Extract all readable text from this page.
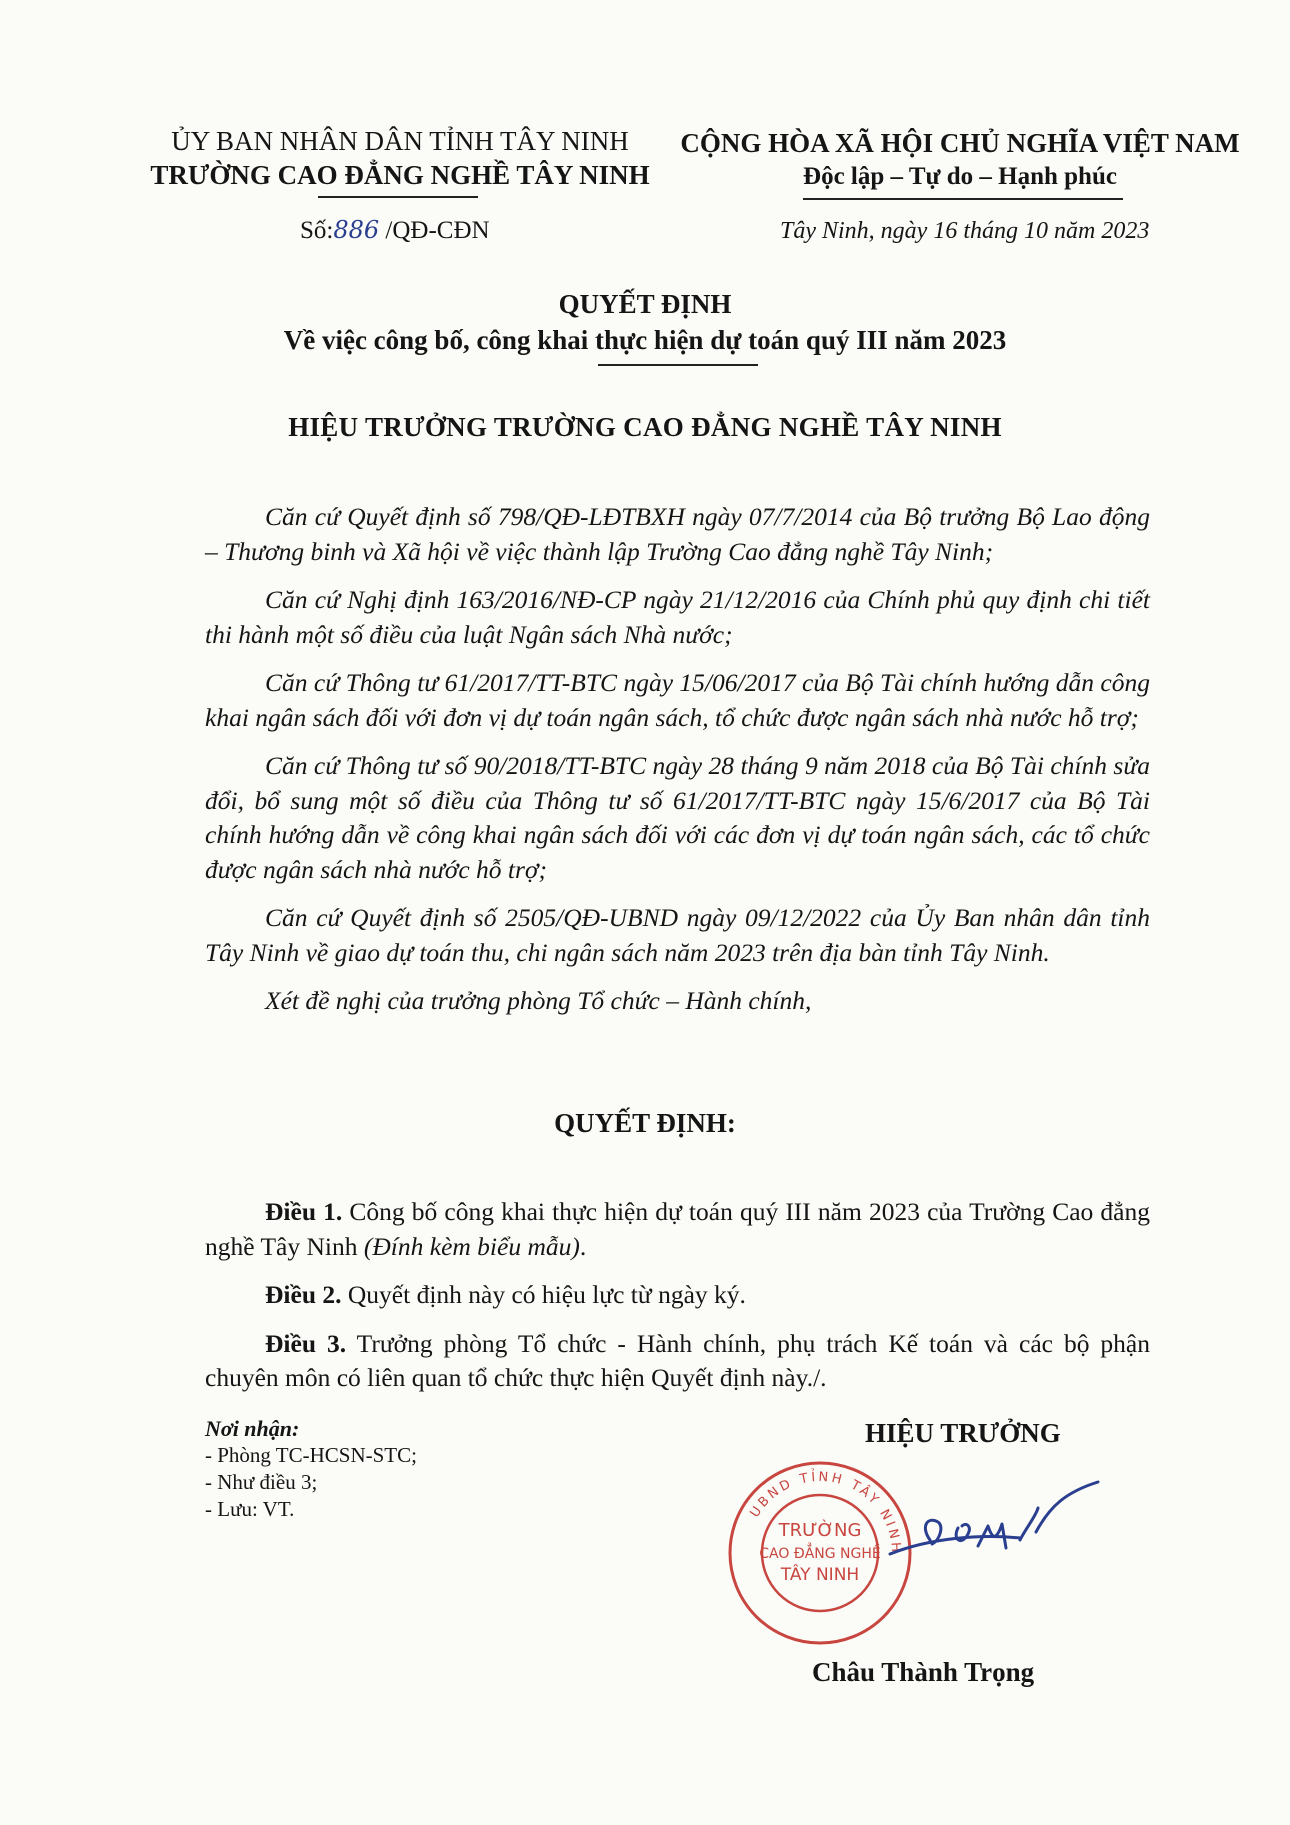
ỦY BAN NHÂN DÂN TỈNH TÂY NINH
TRƯỜNG CAO ĐẲNG NGHỀ TÂY NINH
CỘNG HÒA XÃ HỘI CHỦ NGHĨA VIỆT NAM
Độc lập – Tự do – Hạnh phúc
Số:886 /QĐ-CĐN	Tây Ninh, ngày 16 tháng 10 năm 2023
QUYẾT ĐỊNH
Về việc công bố, công khai thực hiện dự toán quý III năm 2023
HIỆU TRƯỞNG TRƯỜNG CAO ĐẲNG NGHỀ TÂY NINH

Căn cứ Quyết định số 798/QĐ-LĐTBXH ngày 07/7/2014 của Bộ trưởng Bộ Lao động – Thương binh và Xã hội về việc thành lập Trường Cao đẳng nghề Tây Ninh;

Căn cứ Nghị định 163/2016/NĐ-CP ngày 21/12/2016 của Chính phủ quy định chi tiết thi hành một số điều của luật Ngân sách Nhà nước;

Căn cứ Thông tư 61/2017/TT-BTC ngày 15/06/2017 của Bộ Tài chính hướng dẫn công khai ngân sách đối với đơn vị dự toán ngân sách, tổ chức được ngân sách nhà nước hỗ trợ;

Căn cứ Thông tư số 90/2018/TT-BTC ngày 28 tháng 9 năm 2018 của Bộ Tài chính sửa đổi, bổ sung một số điều của Thông tư số 61/2017/TT-BTC ngày 15/6/2017 của Bộ Tài chính hướng dẫn về công khai ngân sách đối với các đơn vị dự toán ngân sách, các tổ chức được ngân sách nhà nước hỗ trợ;

Căn cứ Quyết định số 2505/QĐ-UBND ngày 09/12/2022 của Ủy Ban nhân dân tỉnh Tây Ninh về giao dự toán thu, chi ngân sách năm 2023 trên địa bàn tỉnh Tây Ninh.

Xét đề nghị của trưởng phòng Tổ chức – Hành chính,

QUYẾT ĐỊNH:

Điều 1. Công bố công khai thực hiện dự toán quý III năm 2023 của Trường Cao đẳng nghề Tây Ninh (Đính kèm biểu mẫu).

Điều 2. Quyết định này có hiệu lực từ ngày ký.

Điều 3. Trưởng phòng Tổ chức - Hành chính, phụ trách Kế toán và các bộ phận chuyên môn có liên quan tổ chức thực hiện Quyết định này./.

Nơi nhận:
- Phòng TC-HCSN-STC;
- Như điều 3;
- Lưu: VT.
HIỆU TRƯỞNG
UBND TỈNH TÂY NINH
TRƯỜNG
CAO ĐẲNG NGHỀ
TÂY NINH
Châu Thành Trọng
